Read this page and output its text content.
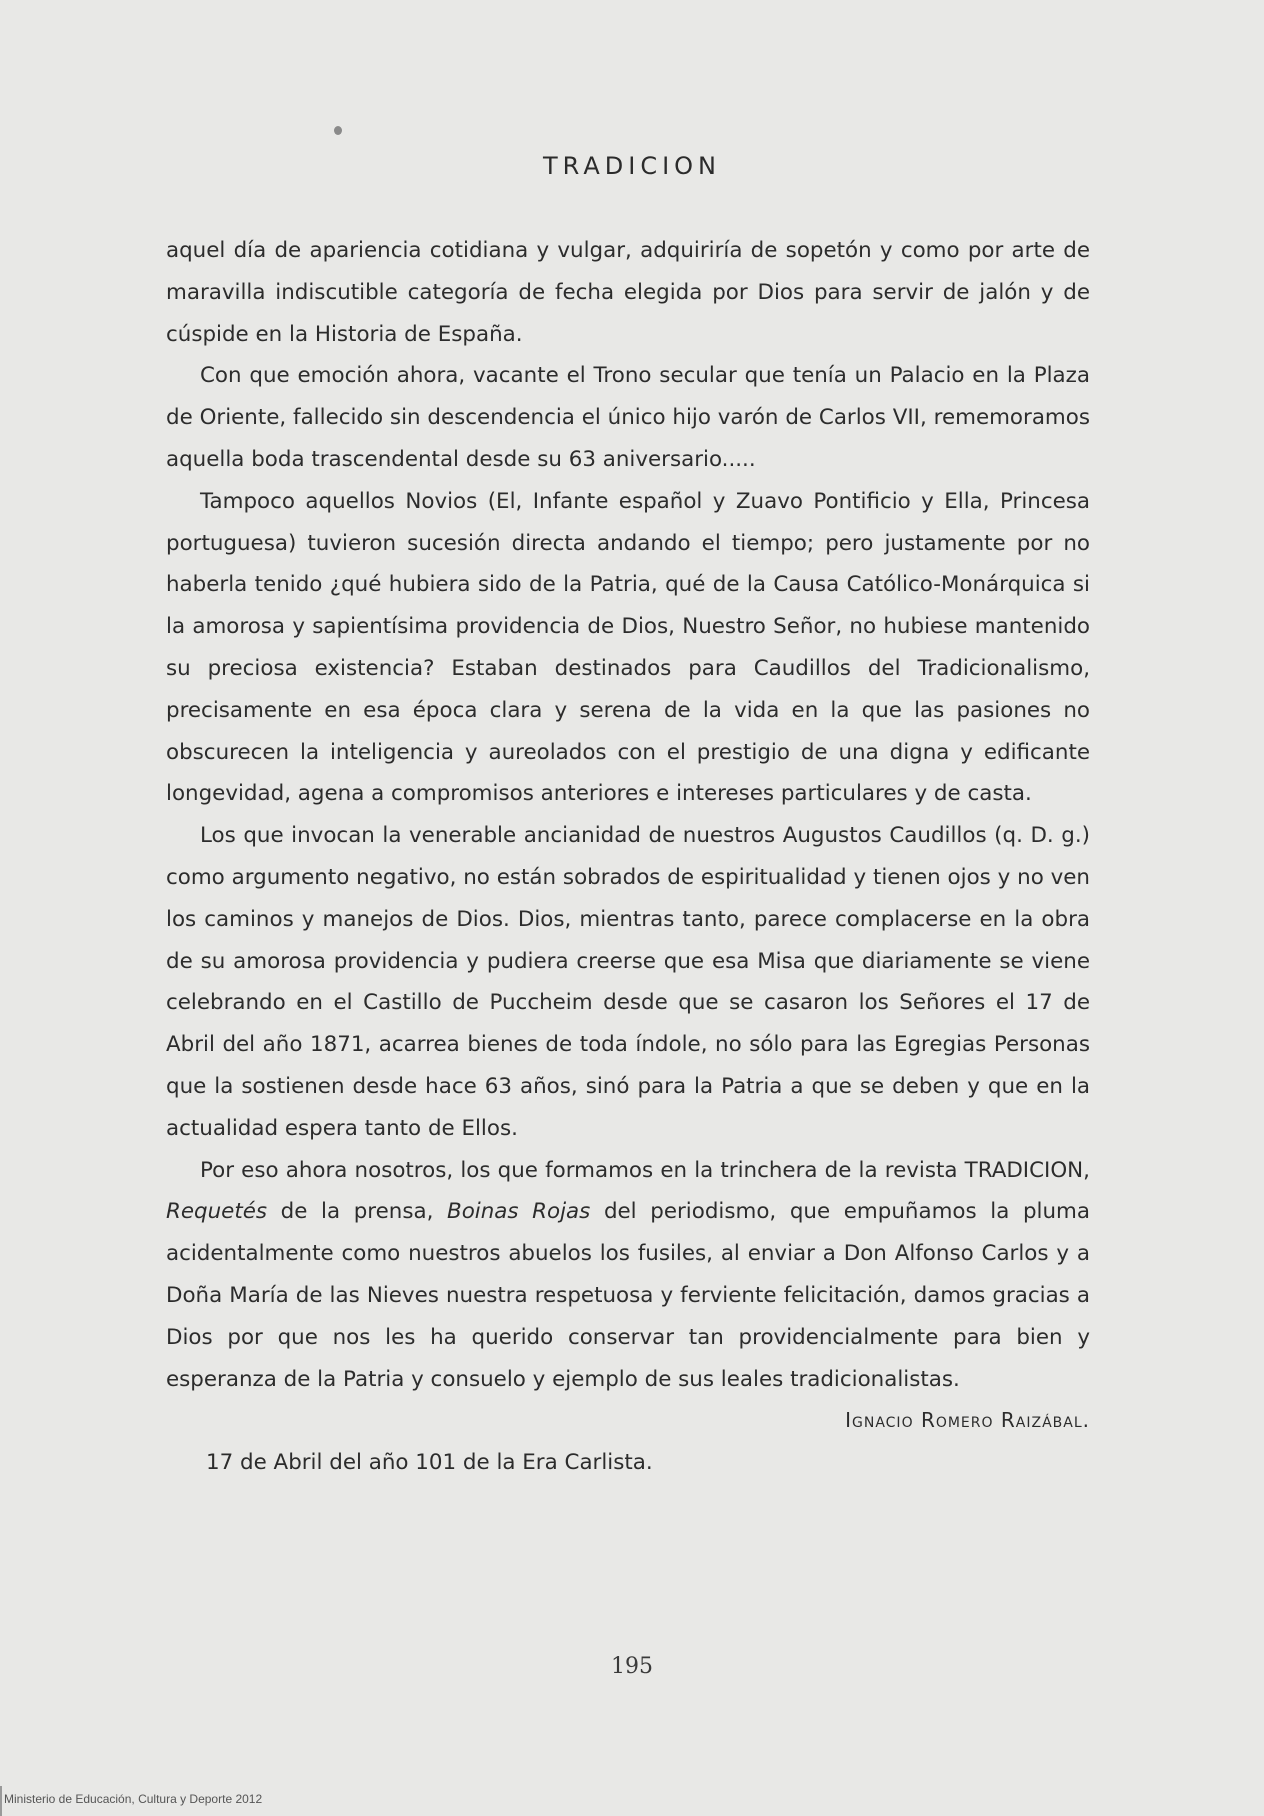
TRADICION

aquel día de apariencia cotidiana y vulgar, adquiriría de sopetón y como por arte de maravilla indiscutible categoría de fecha elegida por Dios para servir de jalón y de cúspide en la Historia de España.

Con que emoción ahora, vacante el Trono secular que tenía un Palacio en la Plaza de Oriente, fallecido sin descendencia el único hijo varón de Carlos VII, rememoramos aquella boda trascendental desde su 63 aniversario.....

Tampoco aquellos Novios (El, Infante español y Zuavo Pontificio y Ella, Princesa portuguesa) tuvieron sucesión directa andando el tiempo; pero justamente por no haberla tenido ¿qué hubiera sido de la Patria, qué de la Causa Católico-Monárquica si la amorosa y sapientísima providencia de Dios, Nuestro Señor, no hubiese mantenido su preciosa existencia? Estaban destinados para Caudillos del Tradicionalismo, precisamente en esa época clara y serena de la vida en la que las pasiones no obscurecen la inteligencia y aureolados con el prestigio de una digna y edificante longevidad, agena a compromisos anteriores e intereses particulares y de casta.

Los que invocan la venerable ancianidad de nuestros Augustos Caudillos (q. D. g.) como argumento negativo, no están sobrados de espiritualidad y tienen ojos y no ven los caminos y manejos de Dios. Dios, mientras tanto, parece complacerse en la obra de su amorosa providencia y pudiera creerse que esa Misa que diariamente se viene celebrando en el Castillo de Puccheim desde que se casaron los Señores el 17 de Abril del año 1871, acarrea bienes de toda índole, no sólo para las Egregias Personas que la sostienen desde hace 63 años, sinó para la Patria a que se deben y que en la actualidad espera tanto de Ellos.

Por eso ahora nosotros, los que formamos en la trinchera de la revista TRADICION, Requetés de la prensa, Boinas Rojas del periodismo, que empuñamos la pluma acidentalmente como nuestros abuelos los fusiles, al enviar a Don Alfonso Carlos y a Doña María de las Nieves nuestra respetuosa y ferviente felicitación, damos gracias a Dios por que nos les ha querido conservar tan providencialmente para bien y esperanza de la Patria y consuelo y ejemplo de sus leales tradicionalistas.

Ignacio Romero Raizábal.

17 de Abril del año 101 de la Era Carlista.

195
Ministerio de Educación, Cultura y Deporte 2012
